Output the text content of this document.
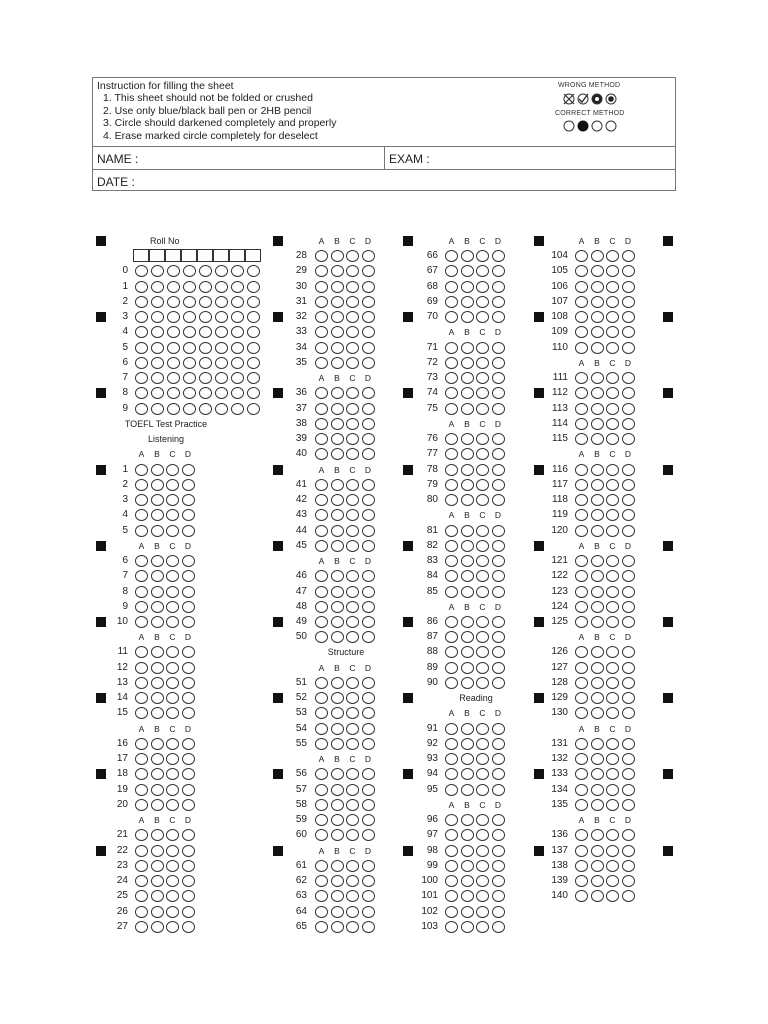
Instruction for filling the sheet
1. This sheet should not be folded or crushed
2. Use only blue/black ball pen or 2HB pencil
3. Circle should darkened completely and properly
4. Erase marked circle completely for deselect
WRONG METHOD
CORRECT METHOD
NAME :	EXAM :
DATE :
Roll No
0
1
2
3
4
5
6
7
8
9
TOEFL Test Practice
Listening
A	B	C	D
1
2
3
4
5
A	B	C	D
6
7
8
9
10
A	B	C	D
11
12
13
14
15
A	B	C	D
16
17
18
19
20
A	B	C	D
21
22
23
24
25
26
27
A	B	C	D
28
29
30
31
32
33
34
35
A	B	C	D
36
37
38
39
40
A	B	C	D
41
42
43
44
45
A	B	C	D
46
47
48
49
50
Structure
A	B	C	D
51
52
53
54
55
A	B	C	D
56
57
58
59
60
A	B	C	D
61
62
63
64
65
A	B	C	D
66
67
68
69
70
A	B	C	D
71
72
73
74
75
A	B	C	D
76
77
78
79
80
A	B	C	D
81
82
83
84
85
A	B	C	D
86
87
88
89
90
Reading
A	B	C	D
91
92
93
94
95
A	B	C	D
96
97
98
99
100
101
102
103
A	B	C	D
104
105
106
107
108
109
110
A	B	C	D
111
112
113
114
115
A	B	C	D
116
117
118
119
120
A	B	C	D
121
122
123
124
125
A	B	C	D
126
127
128
129
130
A	B	C	D
131
132
133
134
135
A	B	C	D
136
137
138
139
140
